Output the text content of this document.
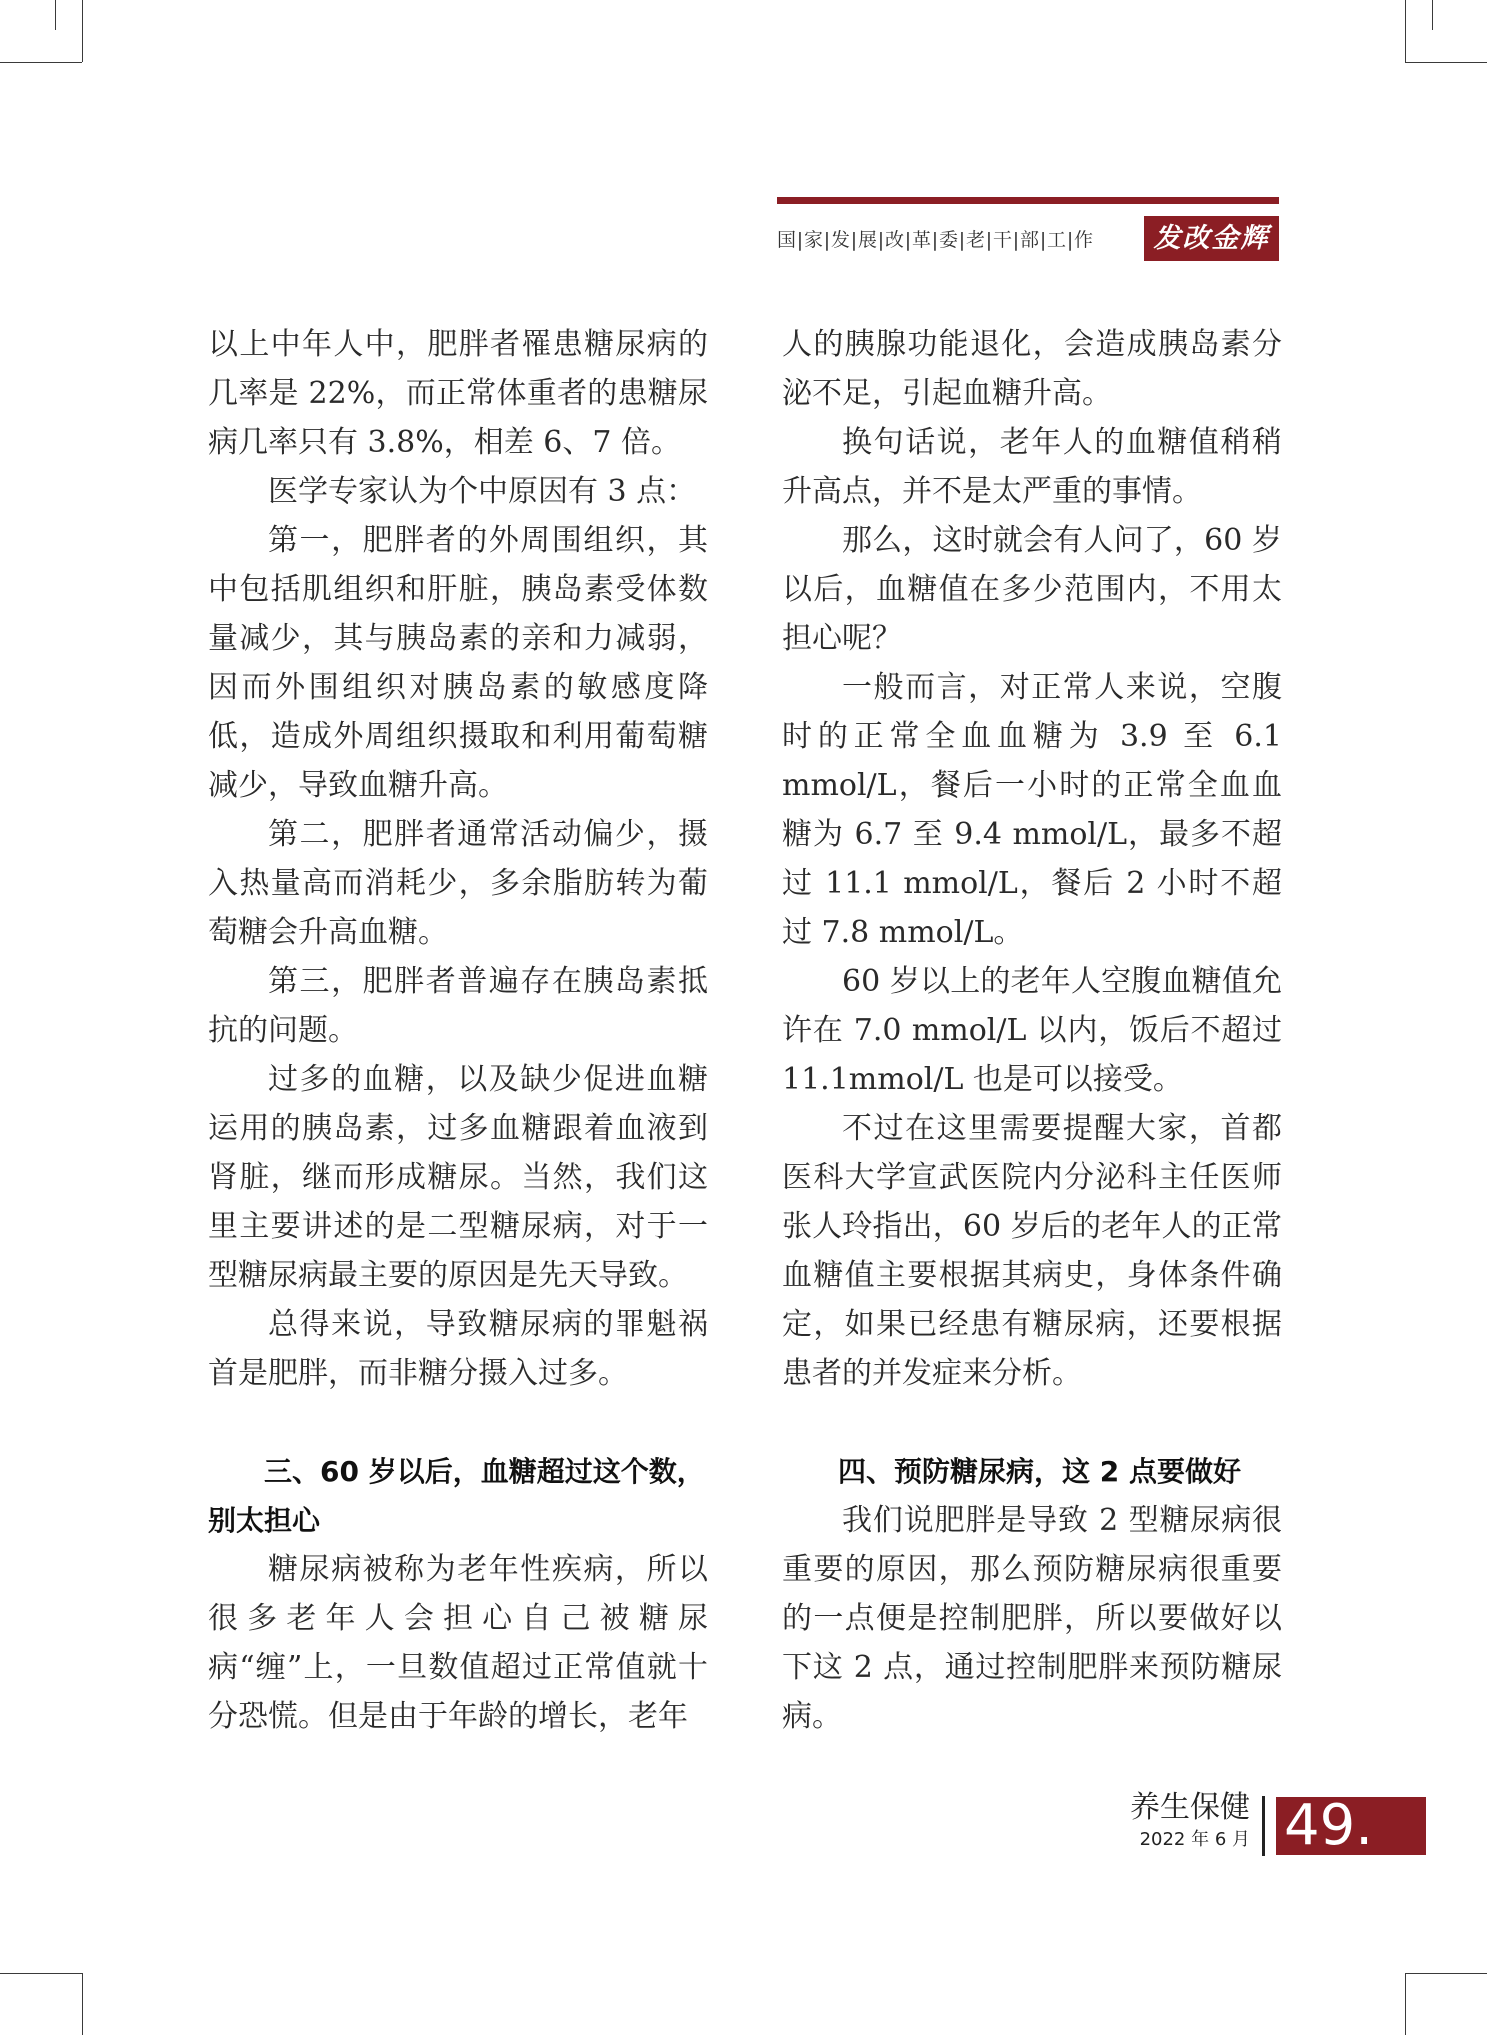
国|家|发|展|改|革|委|老|干|部|工|作	发改金辉

以上中年人中，肥胖者罹患糖尿病的几率是 22%，而正常体重者的患糖尿病几率只有 3.8%，相差 6、7 倍。

医学专家认为个中原因有 3 点：

第一，肥胖者的外周围组织，其中包括肌组织和肝脏，胰岛素受体数量减少，其与胰岛素的亲和力减弱，因而外围组织对胰岛素的敏感度降低，造成外周组织摄取和利用葡萄糖减少，导致血糖升高。

第二，肥胖者通常活动偏少，摄入热量高而消耗少，多余脂肪转为葡萄糖会升高血糖。

第三，肥胖者普遍存在胰岛素抵抗的问题。

过多的血糖，以及缺少促进血糖运用的胰岛素，过多血糖跟着血液到肾脏，继而形成糖尿。当然，我们这里主要讲述的是二型糖尿病，对于一型糖尿病最主要的原因是先天导致。

总得来说，导致糖尿病的罪魁祸首是肥胖，而非糖分摄入过多。

三、60 岁以后，血糖超过这个数，别太担心

糖尿病被称为老年性疾病，所以很多老年人会担心自己被糖尿病“缠”上，一旦数值超过正常值就十分恐慌。但是由于年龄的增长，老年

人的胰腺功能退化，会造成胰岛素分泌不足，引起血糖升高。

换句话说，老年人的血糖值稍稍升高点，并不是太严重的事情。

那么，这时就会有人问了，60 岁以后，血糖值在多少范围内，不用太担心呢？

一般而言，对正常人来说，空腹时的正常全血血糖为 3.9 至 6.1 mmol/L，餐后一小时的正常全血血糖为 6.7 至 9.4 mmol/L，最多不超过 11.1 mmol/L，餐后 2 小时不超过 7.8 mmol/L。

60 岁以上的老年人空腹血糖值允许在 7.0 mmol/L 以内，饭后不超过 11.1mmol/L 也是可以接受。

不过在这里需要提醒大家，首都医科大学宣武医院内分泌科主任医师张人玲指出，60 岁后的老年人的正常血糖值主要根据其病史，身体条件确定，如果已经患有糖尿病，还要根据患者的并发症来分析。

四、预防糖尿病，这 2 点要做好

我们说肥胖是导致 2 型糖尿病很重要的原因，那么预防糖尿病很重要的一点便是控制肥胖，所以要做好以下这 2 点，通过控制肥胖来预防糖尿病。

养生保健
2022 年 6 月 49.
